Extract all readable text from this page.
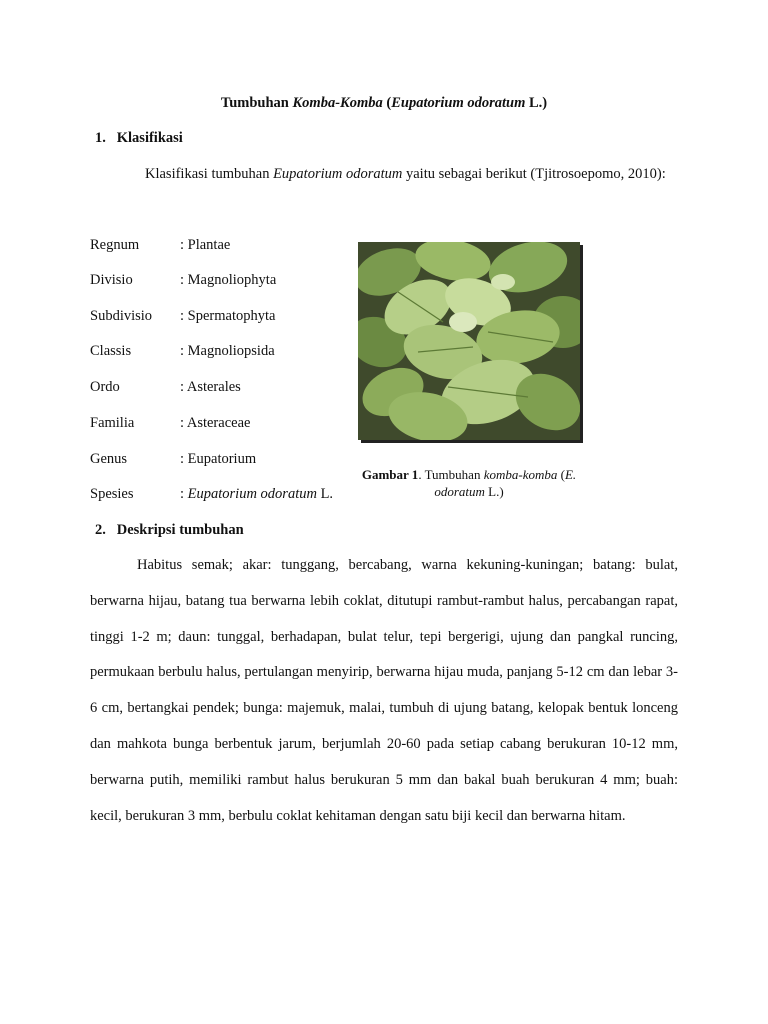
Tumbuhan Komba-Komba (Eupatorium odoratum L.)
1. Klasifikasi

Klasifikasi tumbuhan Eupatorium odoratum yaitu sebagai berikut (Tjitrosoepomo, 2010):

Regnum	: Plantae
Divisio	: Magnoliophyta
Subdivisio : Spermatophyta
Classis	: Magnoliopsida
Ordo	: Asterales
Familia	: Asteraceae
Genus	: Eupatorium
Spesies	: Eupatorium odoratum L.
Gambar 1. Tumbuhan komba-komba (E. odoratum L.)
2. Deskripsi tumbuhan

Habitus semak; akar: tunggang, bercabang, warna kekuning-kuningan; batang: bulat, berwarna hijau, batang tua berwarna lebih coklat, ditutupi rambut-rambut halus, percabangan rapat, tinggi 1-2 m; daun: tunggal, berhadapan, bulat telur, tepi bergerigi, ujung dan pangkal runcing, permukaan berbulu halus, pertulangan menyirip, berwarna hijau muda, panjang 5-12 cm dan lebar 3-6 cm, bertangkai pendek; bunga: majemuk, malai, tumbuh di ujung batang, kelopak bentuk lonceng dan mahkota bunga berbentuk jarum, berjumlah 20-60 pada setiap cabang berukuran 10-12 mm, berwarna putih, memiliki rambut halus berukuran 5 mm dan bakal buah berukuran 4 mm; buah: kecil, berukuran 3 mm, berbulu coklat kehitaman dengan satu biji kecil dan berwarna hitam.
